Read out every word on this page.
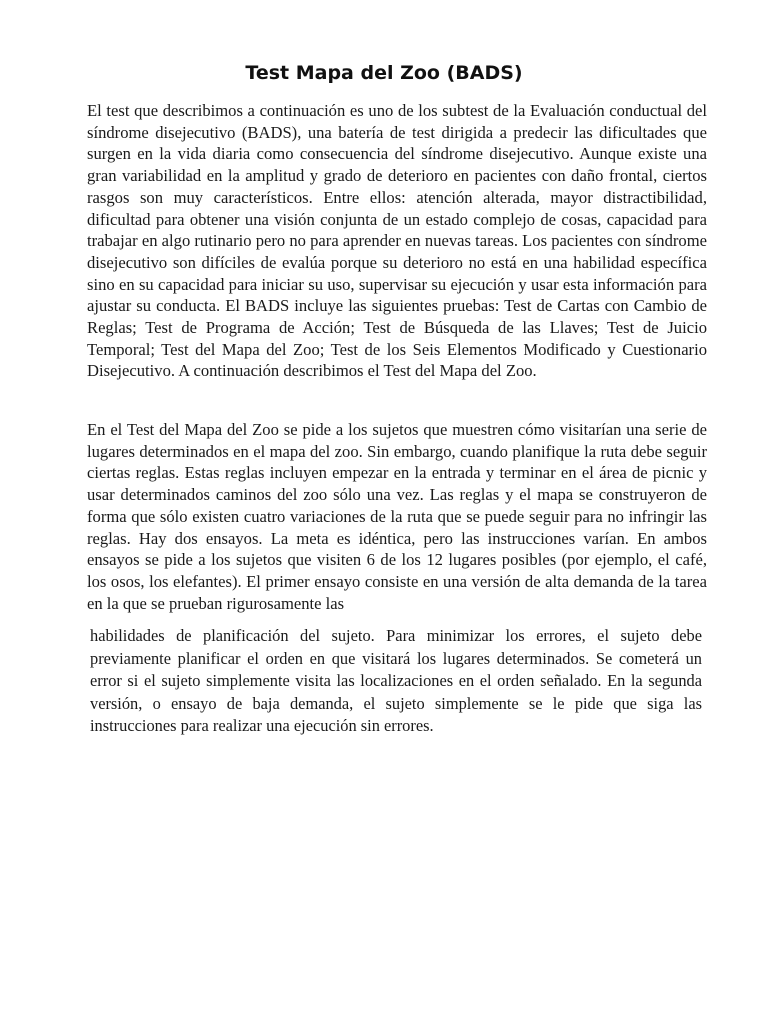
Test Mapa del Zoo (BADS)

El test que describimos a continuación es uno de los subtest de la Evaluación conductual del síndrome disejecutivo (BADS), una batería de test dirigida a predecir las dificultades que surgen en la vida diaria como consecuencia del síndrome disejecutivo. Aunque existe una gran variabilidad en la amplitud y grado de deterioro en pacientes con daño frontal, ciertos rasgos son muy característicos. Entre ellos: atención alterada, mayor distractibilidad, dificultad para obtener una visión conjunta de un estado complejo de cosas, capacidad para trabajar en algo rutinario pero no para aprender en nuevas tareas. Los pacientes con síndrome disejecutivo son difíciles de evalúa porque su deterioro no está en una habilidad específica sino en su capacidad para iniciar su uso, supervisar su ejecución y usar esta información para ajustar su conducta. El BADS incluye las siguientes pruebas: Test de Cartas con Cambio de Reglas; Test de Programa de Acción; Test de Búsqueda de las Llaves; Test de Juicio Temporal; Test del Mapa del Zoo; Test de los Seis Elementos Modificado y Cuestionario Disejecutivo. A continuación describimos el Test del Mapa del Zoo.

En el Test del Mapa del Zoo se pide a los sujetos que muestren cómo visitarían una serie de lugares determinados en el mapa del zoo. Sin embargo, cuando planifique la ruta debe seguir ciertas reglas. Estas reglas incluyen empezar en la entrada y terminar en el área de picnic y usar determinados caminos del zoo sólo una vez. Las reglas y el mapa se construyeron de forma que sólo existen cuatro variaciones de la ruta que se puede seguir para no infringir las reglas. Hay dos ensayos. La meta es idéntica, pero las instrucciones varían. En ambos ensayos se pide a los sujetos que visiten 6 de los 12 lugares posibles (por ejemplo, el café, los osos, los elefantes). El primer ensayo consiste en una versión de alta demanda de la tarea en la que se prueban rigurosamente las

habilidades de planificación del sujeto. Para minimizar los errores, el sujeto debe previamente planificar el orden en que visitará los lugares determinados. Se cometerá un error si el sujeto simplemente visita las localizaciones en el orden señalado. En la segunda versión, o ensayo de baja demanda, el sujeto simplemente se le pide que siga las instrucciones para realizar una ejecución sin errores.
